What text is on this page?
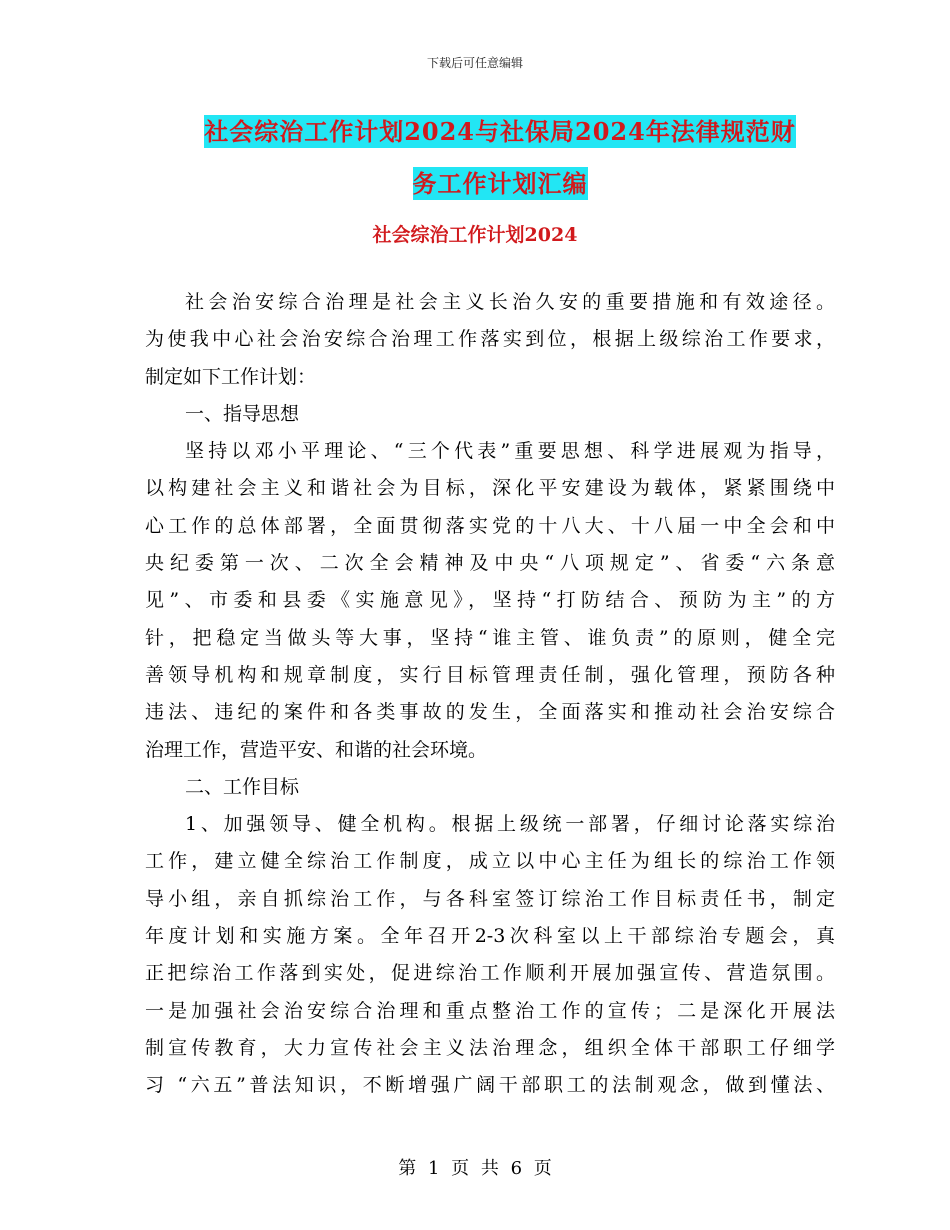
下载后可任意编辑
社会综治工作计划2024与社保局2024年法律规范财
务工作计划汇编
社会综治工作计划2024
社会治安综合治理是社会主义长治久安的重要措施和有效途径。
为使我中心社会治安综合治理工作落实到位，根据上级综治工作要求，
制定如下工作计划：
一、指导思想
坚持以邓小平理论、“三个代表”重要思想、科学进展观为指导，
以构建社会主义和谐社会为目标，深化平安建设为载体，紧紧围绕中
心工作的总体部署，全面贯彻落实党的十八大、十八届一中全会和中
央纪委第一次、二次全会精神及中央“八项规定”、省委“六条意
见”、市委和县委《实施意见》，坚持“打防结合、预防为主”的方
针，把稳定当做头等大事，坚持“谁主管、谁负责”的原则，健全完
善领导机构和规章制度，实行目标管理责任制，强化管理，预防各种
违法、违纪的案件和各类事故的发生，全面落实和推动社会治安综合
治理工作，营造平安、和谐的社会环境。
二、工作目标
1、加强领导、健全机构。根据上级统一部署，仔细讨论落实综治
工作，建立健全综治工作制度，成立以中心主任为组长的综治工作领
导小组，亲自抓综治工作，与各科室签订综治工作目标责任书，制定
年度计划和实施方案。全年召开2-3次科室以上干部综治专题会，真
正把综治工作落到实处，促进综治工作顺利开展加强宣传、营造氛围。
一是加强社会治安综合治理和重点整治工作的宣传；二是深化开展法
制宣传教育，大力宣传社会主义法治理念，组织全体干部职工仔细学
习 “六五”普法知识，不断增强广阔干部职工的法制观念，做到懂法、
第 1 页 共 6 页
